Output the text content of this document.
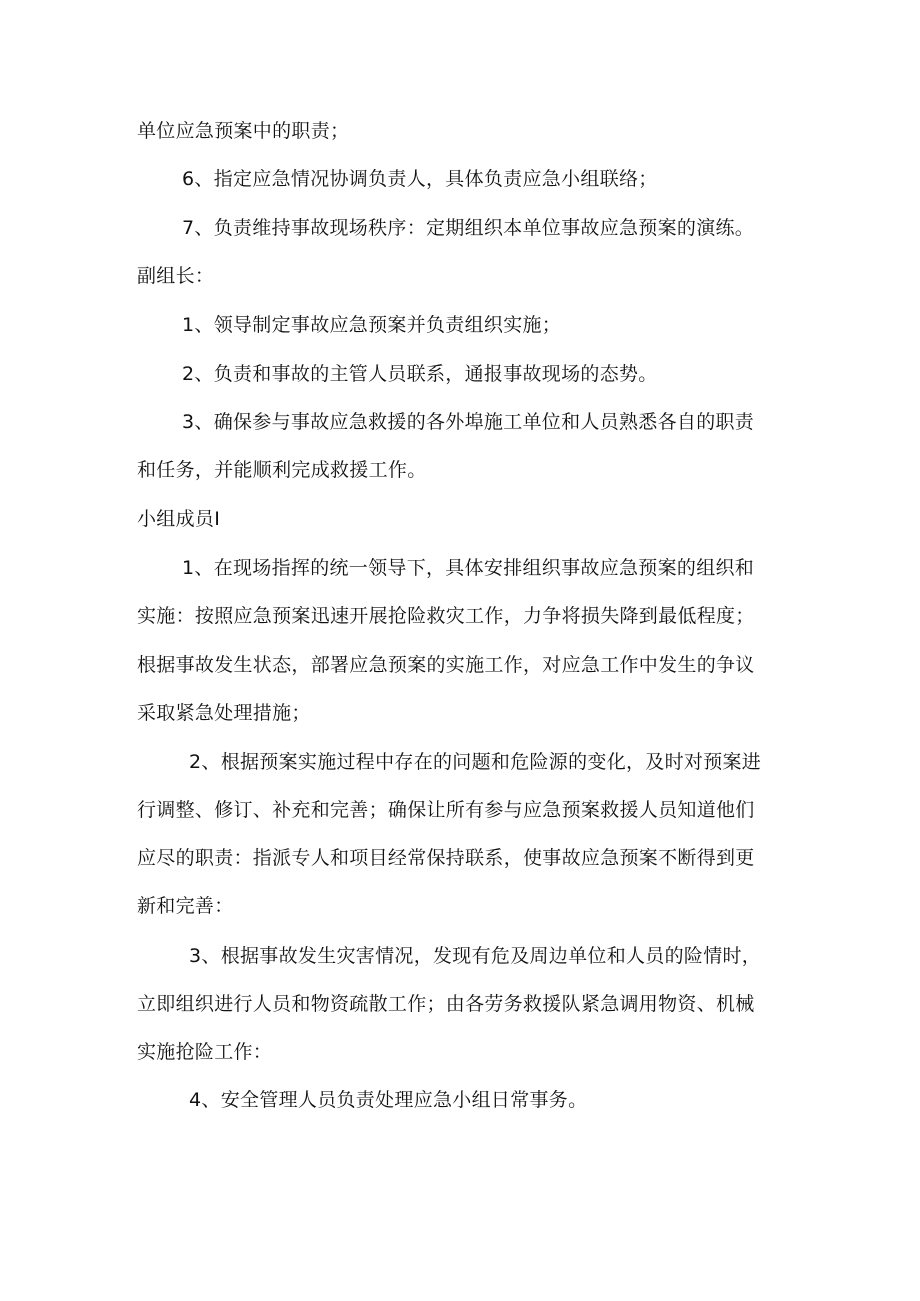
单位应急预案中的职责；
6、指定应急情况协调负责人，具体负责应急小组联络；
7、负责维持事故现场秩序：定期组织本单位事故应急预案的演练。
副组长：
1、领导制定事故应急预案并负责组织实施；
2、负责和事故的主管人员联系，通报事故现场的态势。
3、确保参与事故应急救援的各外埠施工单位和人员熟悉各自的职责
和任务，并能顺利完成救援工作。
小组成员I
1、在现场指挥的统一领导下，具体安排组织事故应急预案的组织和
实施：按照应急预案迅速开展抢险救灾工作，力争将损失降到最低程度；
根据事故发生状态，部署应急预案的实施工作，对应急工作中发生的争议
采取紧急处理措施；
2、根据预案实施过程中存在的问题和危险源的变化，及时对预案进
行调整、修订、补充和完善；确保让所有参与应急预案救援人员知道他们
应尽的职责：指派专人和项目经常保持联系，使事故应急预案不断得到更
新和完善：
3、根据事故发生灾害情况，发现有危及周边单位和人员的险情时，
立即组织进行人员和物资疏散工作；由各劳务救援队紧急调用物资、机械
实施抢险工作：
4、安全管理人员负责处理应急小组日常事务。
